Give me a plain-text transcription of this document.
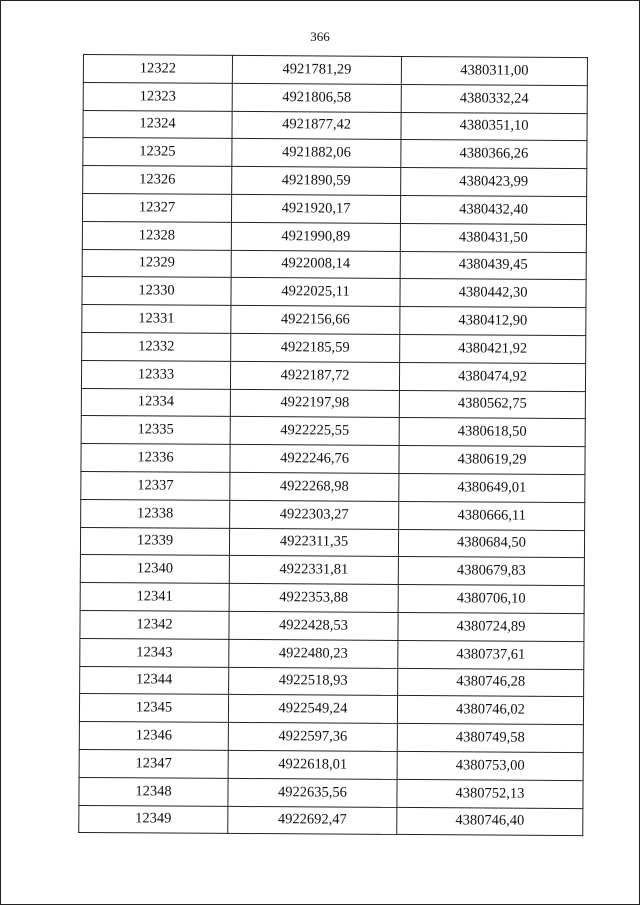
366
12322	4921781,29	4380311,00
12323	4921806,58	4380332,24
12324	4921877,42	4380351,10
12325	4921882,06	4380366,26
12326	4921890,59	4380423,99
12327	4921920,17	4380432,40
12328	4921990,89	4380431,50
12329	4922008,14	4380439,45
12330	4922025,11	4380442,30
12331	4922156,66	4380412,90
12332	4922185,59	4380421,92
12333	4922187,72	4380474,92
12334	4922197,98	4380562,75
12335	4922225,55	4380618,50
12336	4922246,76	4380619,29
12337	4922268,98	4380649,01
12338	4922303,27	4380666,11
12339	4922311,35	4380684,50
12340	4922331,81	4380679,83
12341	4922353,88	4380706,10
12342	4922428,53	4380724,89
12343	4922480,23	4380737,61
12344	4922518,93	4380746,28
12345	4922549,24	4380746,02
12346	4922597,36	4380749,58
12347	4922618,01	4380753,00
12348	4922635,56	4380752,13
12349	4922692,47	4380746,40
